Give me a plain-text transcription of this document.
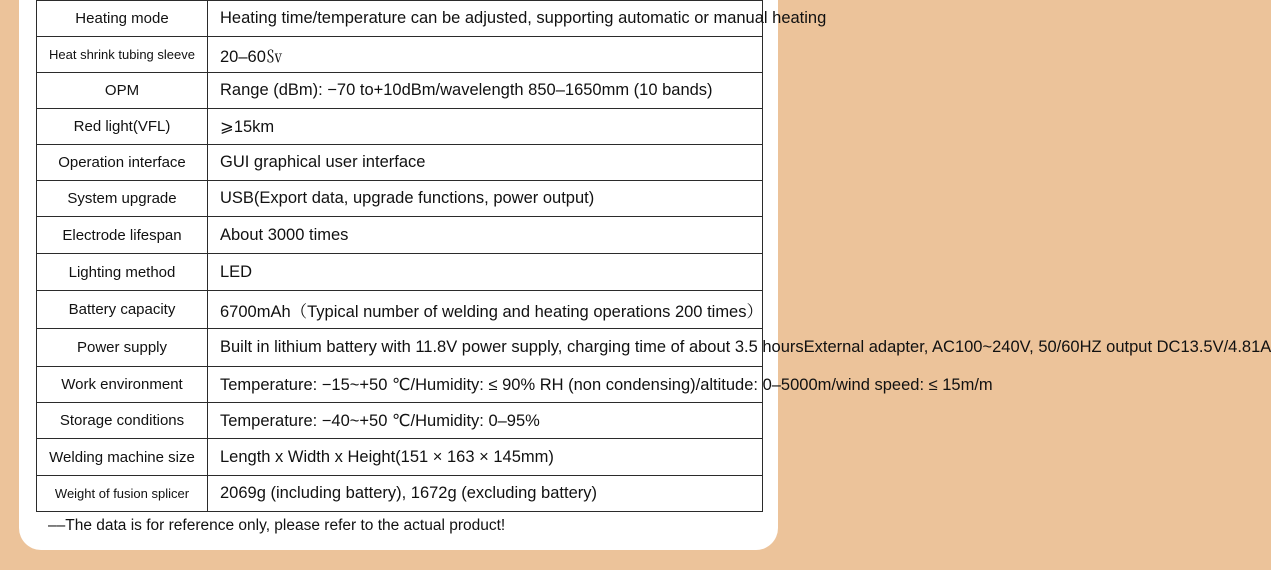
Heating mode	Heating time/temperature can be adjusted, supporting automatic or manual heating
Heat shrink tubing sleeve	20–60㏜
OPM	Range (dBm): −70 to+10dBm/wavelength 850–1650mm (10 bands)
Red light(VFL)	⩾15km
Operation interface	GUI graphical user interface
System upgrade	USB(Export data, upgrade functions, power output)
Electrode lifespan	About 3000 times
Lighting method	LED
Battery capacity	6700mAh（Typical number of welding and heating operations 200 times）
Power supply	Built in lithium battery with 11.8V power supply, charging time of about 3.5 hoursExternal adapter, AC100~240V, 50/60HZ output DC13.5V/4.81A
Work environment	Temperature: −15~+50 ℃/Humidity: ≤ 90% RH (non condensing)/altitude: 0–5000m/wind speed: ≤ 15m/m
Storage conditions	Temperature: −40~+50 ℃/Humidity: 0–95%
Welding machine size	Length x Width x Height(151 × 163 × 145mm)
Weight of fusion splicer	2069g (including battery), 1672g (excluding battery)
––The data is for reference only, please refer to the actual product!
